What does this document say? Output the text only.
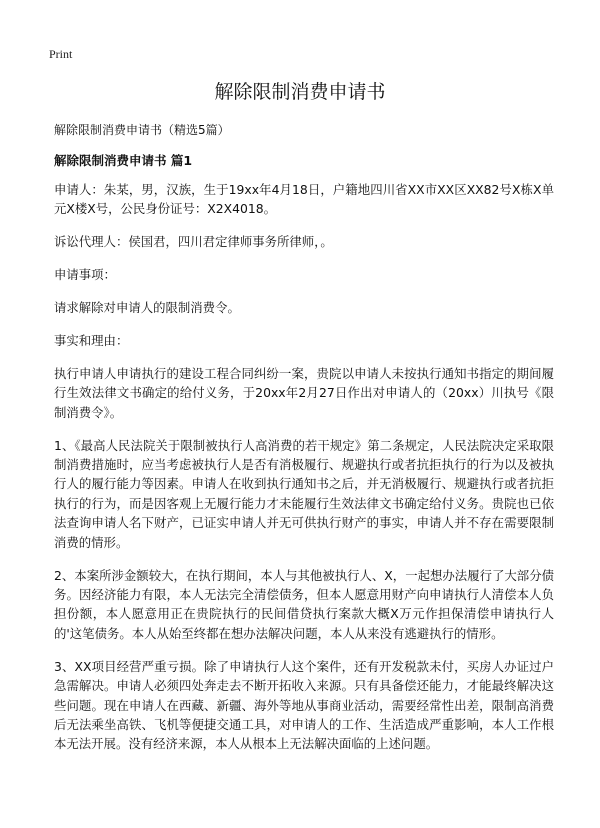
Print
解除限制消费申请书
解除限制消费申请书（精选5篇）
解除限制消费申请书 篇1

申请人：朱某，男，汉族，生于19xx年4月18日，户籍地四川省XX市XX区XX82号X栋X单元X楼X号，公民身份证号：X2X4018。

诉讼代理人：侯国君，四川君定律师事务所律师，。

申请事项：

请求解除对申请人的限制消费令。

事实和理由：

执行申请人申请执行的建设工程合同纠纷一案，贵院以申请人未按执行通知书指定的期间履行生效法律文书确定的给付义务，于20xx年2月27日作出对申请人的（20xx）川执号《限制消费令》。

1、《最高人民法院关于限制被执行人高消费的若干规定》第二条规定，人民法院决定采取限制消费措施时，应当考虑被执行人是否有消极履行、规避执行或者抗拒执行的行为以及被执行人的履行能力等因素。申请人在收到执行通知书之后，并无消极履行、规避执行或者抗拒执行的行为，而是因客观上无履行能力才未能履行生效法律文书确定给付义务。贵院也已依法查询申请人名下财产，已证实申请人并无可供执行财产的事实，申请人并不存在需要限制消费的情形。

2、本案所涉金额较大，在执行期间，本人与其他被执行人、X，一起想办法履行了大部分债务。因经济能力有限，本人无法完全清偿债务，但本人愿意用财产向申请执行人清偿本人负担份额，本人愿意用正在贵院执行的民间借贷执行案款大概X万元作担保清偿申请执行人的'这笔债务。本人从始至终都在想办法解决问题，本人从来没有逃避执行的情形。

3、XX项目经营严重亏损。除了申请执行人这个案件，还有开发税款未付，买房人办证过户急需解决。申请人必须四处奔走去不断开拓收入来源。只有具备偿还能力，才能最终解决这些问题。现在申请人在西藏、新疆、海外等地从事商业活动，需要经常性出差，限制高消费后无法乘坐高铁、飞机等便捷交通工具，对申请人的工作、生活造成严重影响，本人工作根本无法开展。没有经济来源，本人从根本上无法解决面临的上述问题。
